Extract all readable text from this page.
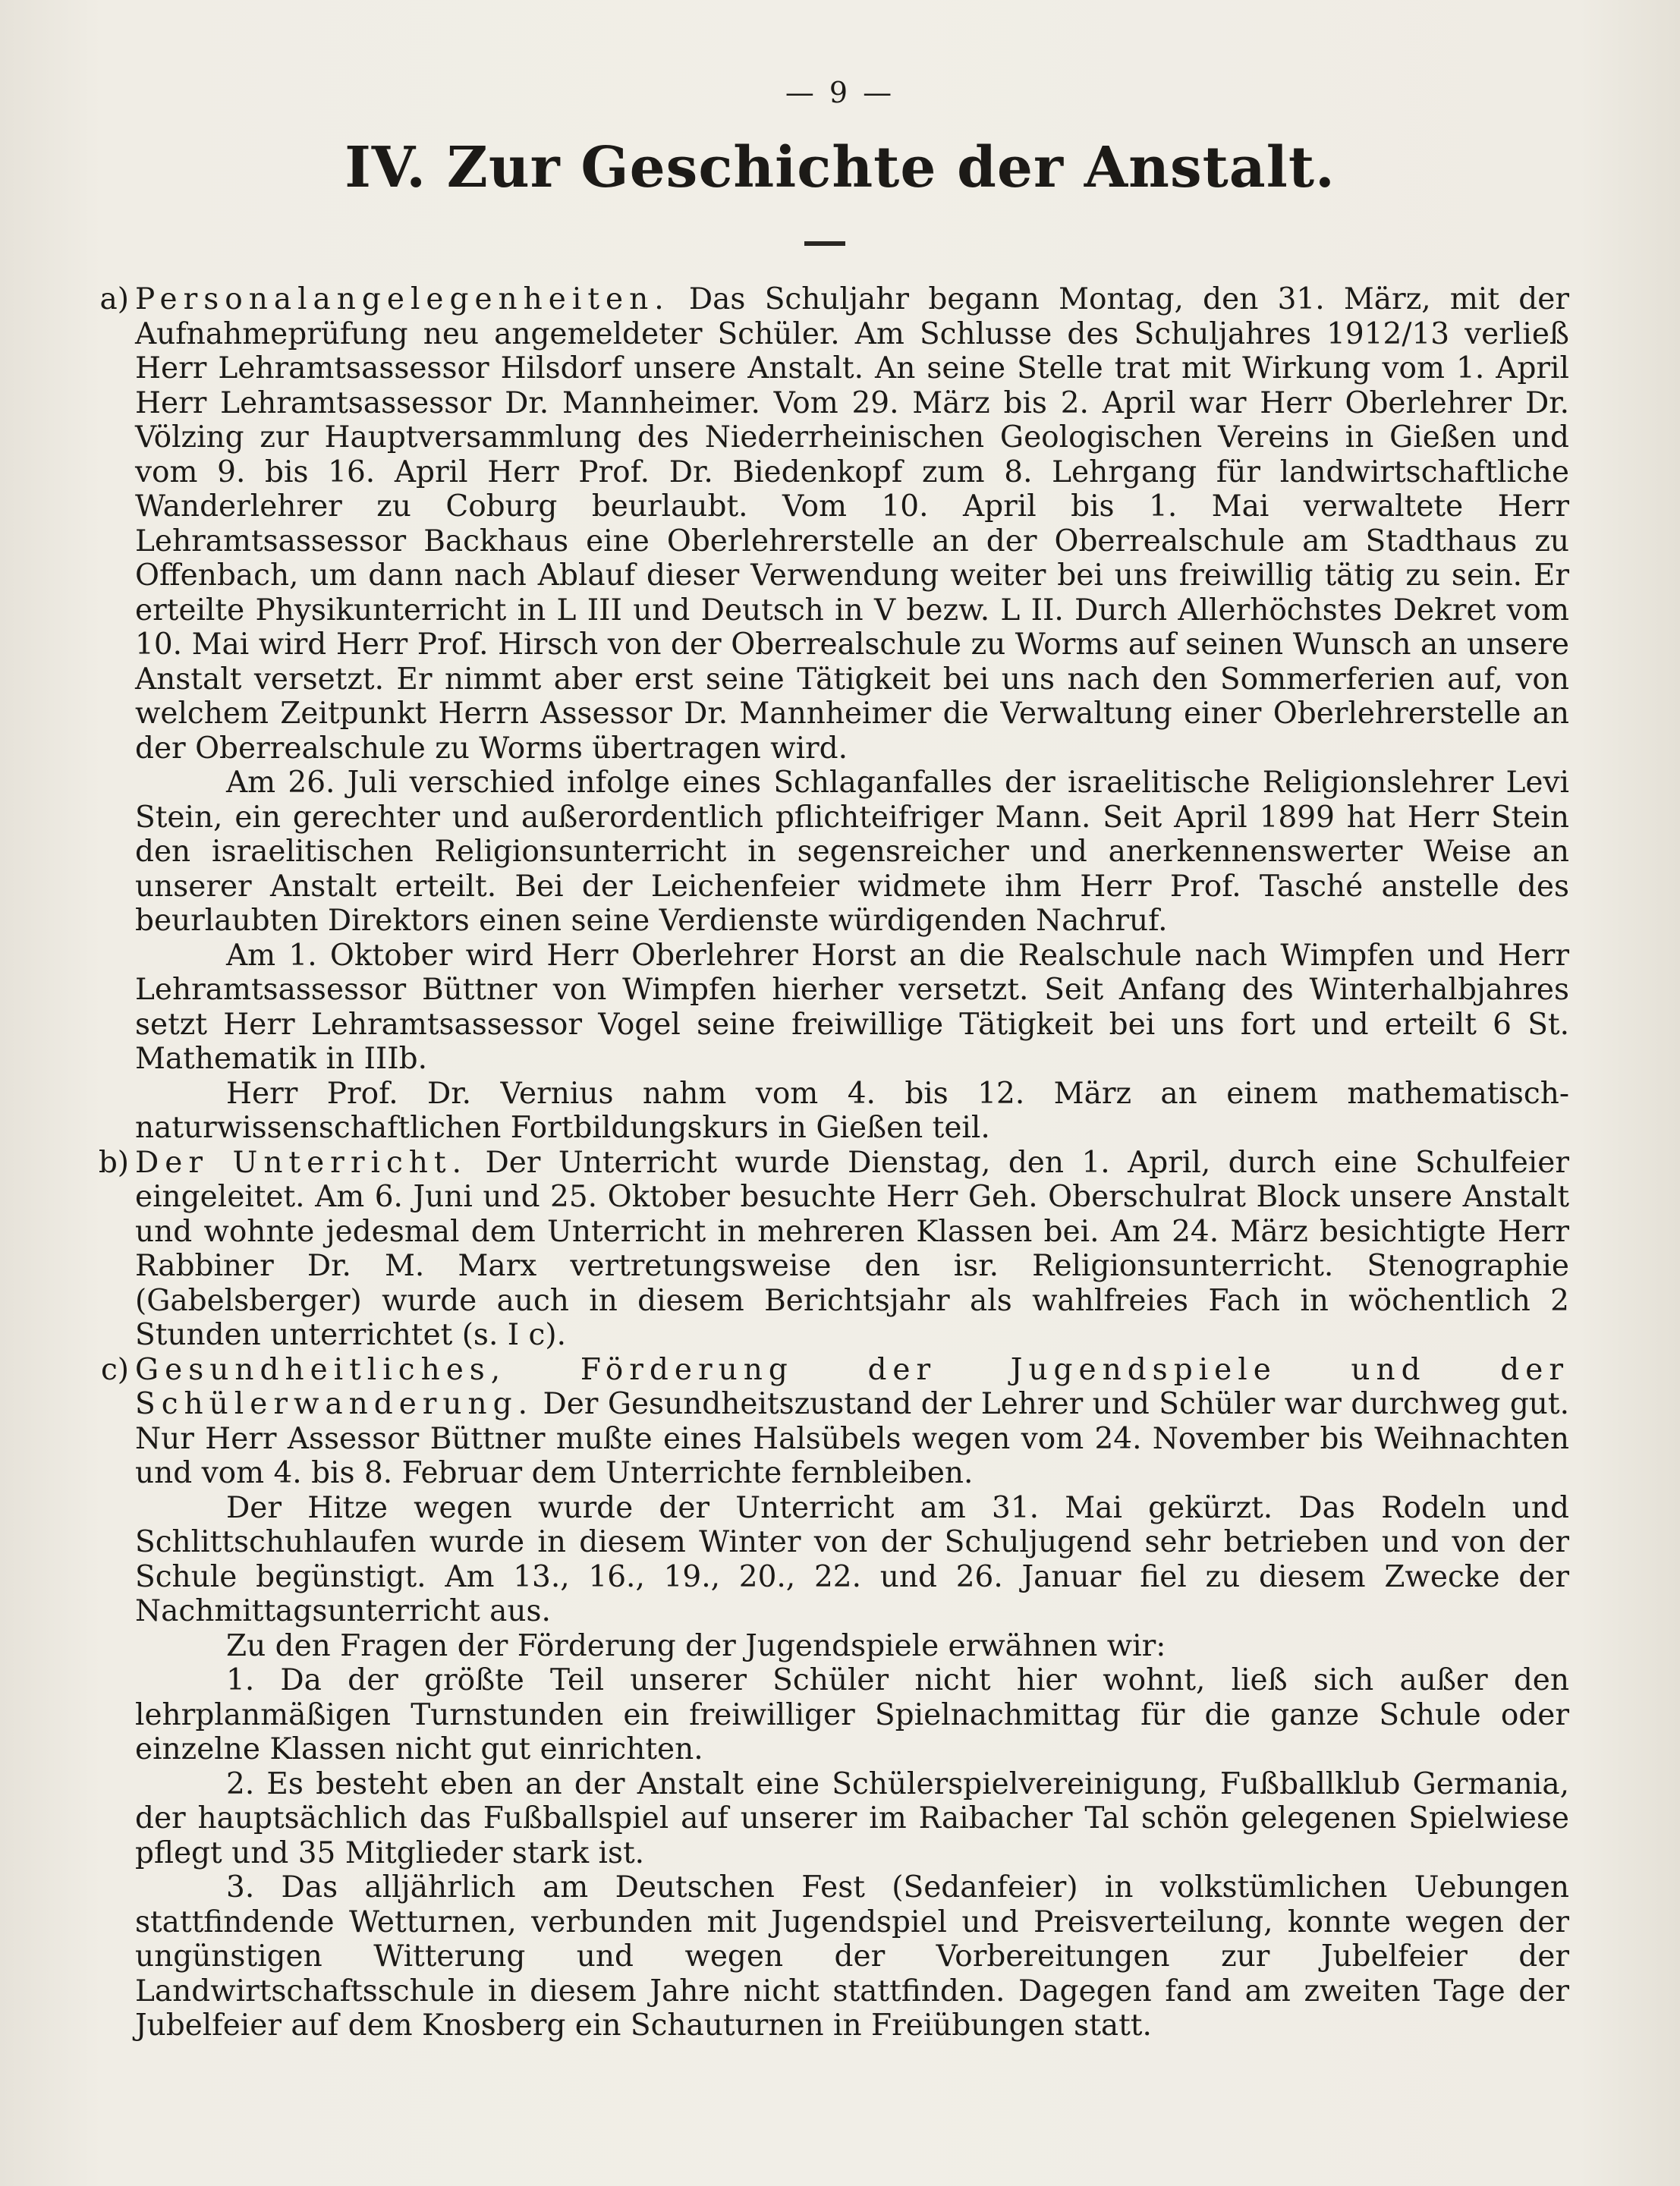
— 9 —
IV. Zur Geschichte der Anstalt.

a) Personalangelegenheiten. Das Schuljahr begann Montag, den 31. März, mit der Aufnahmeprüfung neu angemeldeter Schüler. Am Schlusse des Schuljahres 1912/13 verließ Herr Lehramtsassessor Hilsdorf unsere Anstalt. An seine Stelle trat mit Wirkung vom 1. April Herr Lehramtsassessor Dr. Mannheimer. Vom 29. März bis 2. April war Herr Oberlehrer Dr. Völzing zur Hauptversammlung des Niederrheinischen Geologischen Vereins in Gießen und vom 9. bis 16. April Herr Prof. Dr. Biedenkopf zum 8. Lehrgang für landwirtschaftliche Wanderlehrer zu Coburg beurlaubt. Vom 10. April bis 1. Mai verwaltete Herr Lehramtsassessor Backhaus eine Oberlehrerstelle an der Oberrealschule am Stadthaus zu Offenbach, um dann nach Ablauf dieser Verwendung weiter bei uns freiwillig tätig zu sein. Er erteilte Physikunterricht in L III und Deutsch in V bezw. L II. Durch Allerhöchstes Dekret vom 10. Mai wird Herr Prof. Hirsch von der Oberrealschule zu Worms auf seinen Wunsch an unsere Anstalt versetzt. Er nimmt aber erst seine Tätigkeit bei uns nach den Sommerferien auf, von welchem Zeitpunkt Herrn Assessor Dr. Mannheimer die Verwaltung einer Oberlehrerstelle an der Oberrealschule zu Worms übertragen wird.

Am 26. Juli verschied infolge eines Schlaganfalles der israelitische Religionslehrer Levi Stein, ein gerechter und außerordentlich pflichteifriger Mann. Seit April 1899 hat Herr Stein den israelitischen Religionsunterricht in segensreicher und anerkennenswerter Weise an unserer Anstalt erteilt. Bei der Leichenfeier widmete ihm Herr Prof. Tasché anstelle des beurlaubten Direktors einen seine Verdienste würdigenden Nachruf.

Am 1. Oktober wird Herr Oberlehrer Horst an die Realschule nach Wimpfen und Herr Lehramtsassessor Büttner von Wimpfen hierher versetzt. Seit Anfang des Winterhalbjahres setzt Herr Lehramtsassessor Vogel seine freiwillige Tätigkeit bei uns fort und erteilt 6 St. Mathematik in IIIb.

Herr Prof. Dr. Vernius nahm vom 4. bis 12. März an einem mathematisch-naturwissenschaftlichen Fortbildungskurs in Gießen teil.

b) Der Unterricht. Der Unterricht wurde Dienstag, den 1. April, durch eine Schulfeier eingeleitet. Am 6. Juni und 25. Oktober besuchte Herr Geh. Oberschulrat Block unsere Anstalt und wohnte jedesmal dem Unterricht in mehreren Klassen bei. Am 24. März besichtigte Herr Rabbiner Dr. M. Marx vertretungsweise den isr. Religionsunterricht. Stenographie (Gabelsberger) wurde auch in diesem Berichtsjahr als wahlfreies Fach in wöchentlich 2 Stunden unterrichtet (s. I c).

c) Gesundheitliches, Förderung der Jugendspiele und der Schülerwanderung. Der Gesundheitszustand der Lehrer und Schüler war durchweg gut. Nur Herr Assessor Büttner mußte eines Halsübels wegen vom 24. November bis Weihnachten und vom 4. bis 8. Februar dem Unterrichte fernbleiben.

Der Hitze wegen wurde der Unterricht am 31. Mai gekürzt. Das Rodeln und Schlittschuhlaufen wurde in diesem Winter von der Schuljugend sehr betrieben und von der Schule begünstigt. Am 13., 16., 19., 20., 22. und 26. Januar fiel zu diesem Zwecke der Nachmittagsunterricht aus.

Zu den Fragen der Förderung der Jugendspiele erwähnen wir:

1. Da der größte Teil unserer Schüler nicht hier wohnt, ließ sich außer den lehrplanmäßigen Turnstunden ein freiwilliger Spielnachmittag für die ganze Schule oder einzelne Klassen nicht gut einrichten.
2. Es besteht eben an der Anstalt eine Schülerspielvereinigung, Fußballklub Germania, der hauptsächlich das Fußballspiel auf unserer im Raibacher Tal schön gelegenen Spielwiese pflegt und 35 Mitglieder stark ist.
3. Das alljährlich am Deutschen Fest (Sedanfeier) in volkstümlichen Uebungen stattfindende Wetturnen, verbunden mit Jugendspiel und Preisverteilung, konnte wegen der ungünstigen Witterung und wegen der Vorbereitungen zur Jubelfeier der Landwirtschaftsschule in diesem Jahre nicht stattfinden. Dagegen fand am zweiten Tage der Jubelfeier auf dem Knosberg ein Schauturnen in Freiübungen statt.
